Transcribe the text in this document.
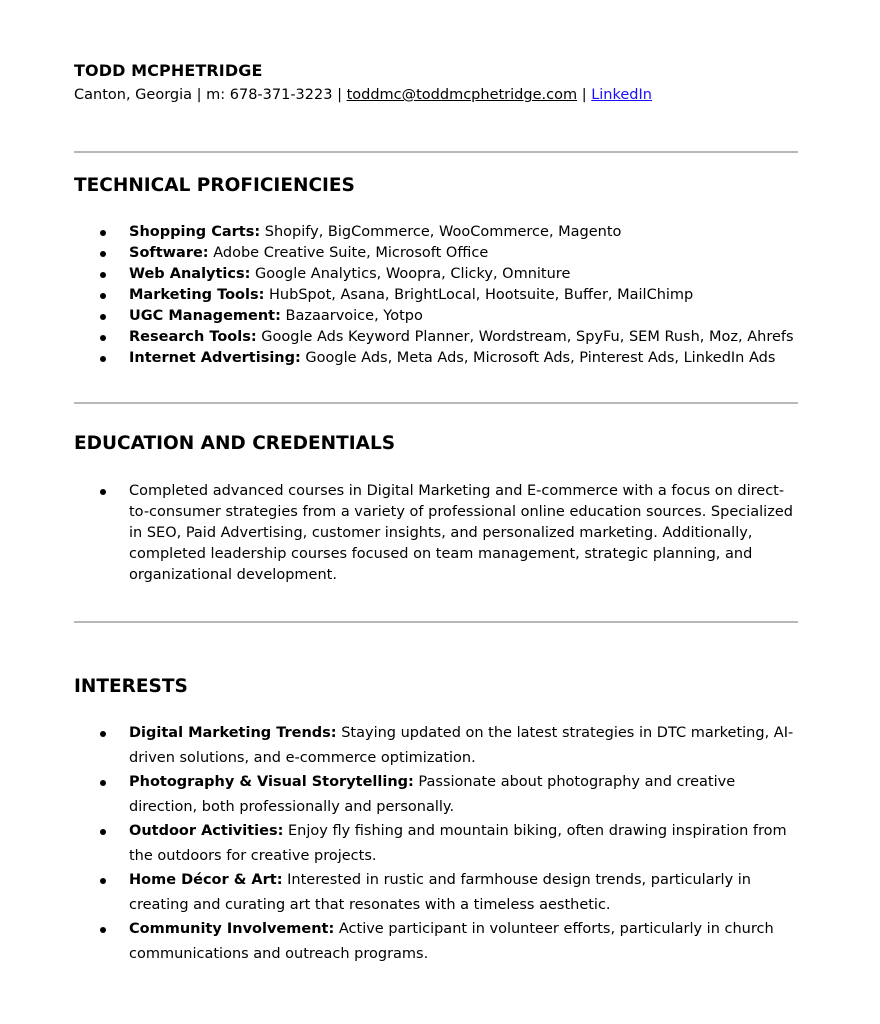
TODD MCPHETRIDGE
Canton, Georgia | m: 678-371-3223 | toddmc@toddmcphetridge.com | LinkedIn
TECHNICAL PROFICIENCIES
Shopping Carts: Shopify, BigCommerce, WooCommerce, Magento
Software: Adobe Creative Suite, Microsoft Office
Web Analytics: Google Analytics, Woopra, Clicky, Omniture
Marketing Tools: HubSpot, Asana, BrightLocal, Hootsuite, Buffer, MailChimp
UGC Management: Bazaarvoice, Yotpo
Research Tools: Google Ads Keyword Planner, Wordstream, SpyFu, SEM Rush, Moz, Ahrefs
Internet Advertising: Google Ads, Meta Ads, Microsoft Ads, Pinterest Ads, LinkedIn Ads
EDUCATION AND CREDENTIALS
Completed advanced courses in Digital Marketing and E-commerce with a focus on direct-to-consumer strategies from a variety of professional online education sources. Specialized in SEO, Paid Advertising, customer insights, and personalized marketing. Additionally, completed leadership courses focused on team management, strategic planning, and organizational development.
INTERESTS
Digital Marketing Trends: Staying updated on the latest strategies in DTC marketing, AI-driven solutions, and e-commerce optimization.
Photography & Visual Storytelling: Passionate about photography and creative direction, both professionally and personally.
Outdoor Activities: Enjoy fly fishing and mountain biking, often drawing inspiration from the outdoors for creative projects.
Home Décor & Art: Interested in rustic and farmhouse design trends, particularly in creating and curating art that resonates with a timeless aesthetic.
Community Involvement: Active participant in volunteer efforts, particularly in church communications and outreach programs.
